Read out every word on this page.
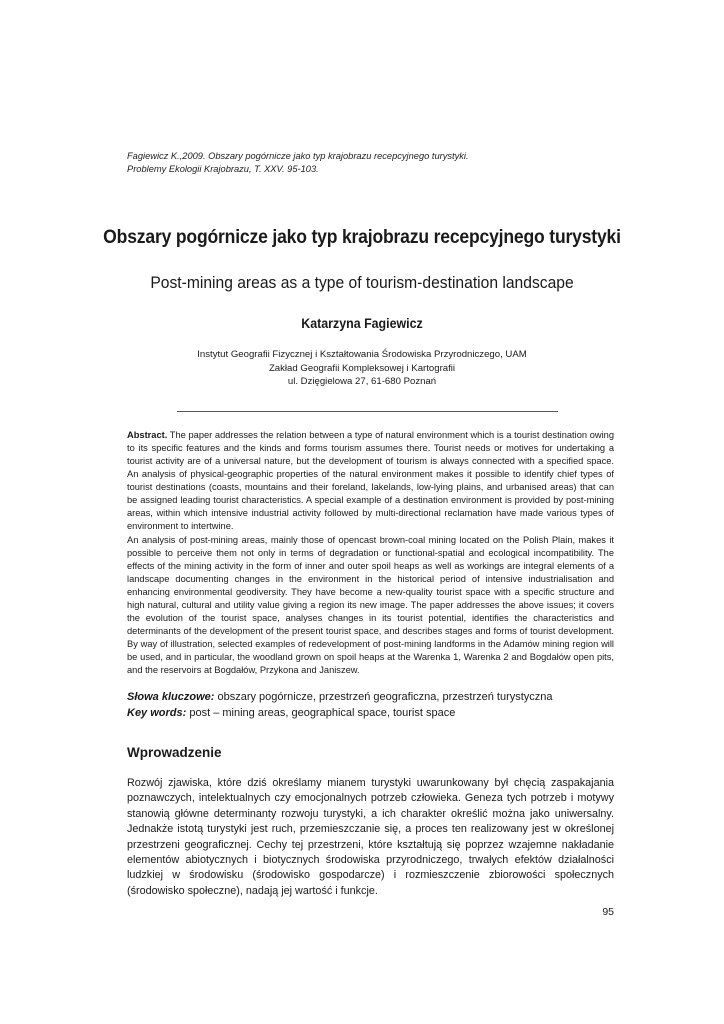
Fagiewicz K.,2009. Obszary pogórnicze jako typ krajobrazu recepcyjnego turystyki.
Problemy Ekologii Krajobrazu, T. XXV. 95-103.
Obszary pogórnicze jako typ krajobrazu recepcyjnego turystyki
Post-mining areas as a type of tourism-destination landscape
Katarzyna Fagiewicz
Instytut Geografii Fizycznej i Kształtowania Środowiska Przyrodniczego, UAM
Zakład Geografii Kompleksowej i Kartografii
ul. Dzięgielowa 27, 61-680 Poznań
Abstract. The paper addresses the relation between a type of natural environment which is a tourist destination owing to its specific features and the kinds and forms tourism assumes there. Tourist needs or motives for undertaking a tourist activity are of a universal nature, but the development of tourism is always connected with a specified space. An analysis of physical-geographic properties of the natural environment makes it possible to identify chief types of tourist destinations (coasts, mountains and their foreland, lakelands, low-lying plains, and urbanised areas) that can be assigned leading tourist characteristics. A special example of a destination environment is provided by post-mining areas, within which intensive industrial activity followed by multi-directional reclamation have made various types of environment to intertwine.
An analysis of post-mining areas, mainly those of opencast brown-coal mining located on the Polish Plain, makes it possible to perceive them not only in terms of degradation or functional-spatial and ecological incompatibility. The effects of the mining activity in the form of inner and outer spoil heaps as well as workings are integral elements of a landscape documenting changes in the environment in the historical period of intensive industrialisation and enhancing environmental geodiversity. They have become a new-quality tourist space with a specific structure and high natural, cultural and utility value giving a region its new image. The paper addresses the above issues; it covers the evolution of the tourist space, analyses changes in its tourist potential, identifies the characteristics and determinants of the development of the present tourist space, and describes stages and forms of tourist development. By way of illustration, selected examples of redevelopment of post-mining landforms in the Adamów mining region will be used, and in particular, the woodland grown on spoil heaps at the Warenka 1, Warenka 2 and Bogdałów open pits, and the reservoirs at Bogdałów, Przykona and Janiszew.
Słowa kluczowe: obszary pogórnicze, przestrzeń geograficzna, przestrzeń turystyczna
Key words: post – mining areas, geographical space, tourist space
Wprowadzenie
Rozwój zjawiska, które dziś określamy mianem turystyki uwarunkowany był chęcią zaspakajania poznawczych, intelektualnych czy emocjonalnych potrzeb człowieka. Geneza tych potrzeb i motywy stanowią główne determinanty rozwoju turystyki, a ich charakter określić można jako uniwersalny. Jednakże istotą turystyki jest ruch, przemieszczanie się, a proces ten realizowany jest w określonej przestrzeni geograficznej. Cechy tej przestrzeni, które kształtują się poprzez wzajemne nakładanie elementów abiotycznych i biotycznych środowiska przyrodniczego, trwałych efektów działalności ludzkiej w środowisku (środowisko gospodarcze) i rozmieszczenie zbiorowości społecznych (środowisko społeczne), nadają jej wartość i funkcje.
95
